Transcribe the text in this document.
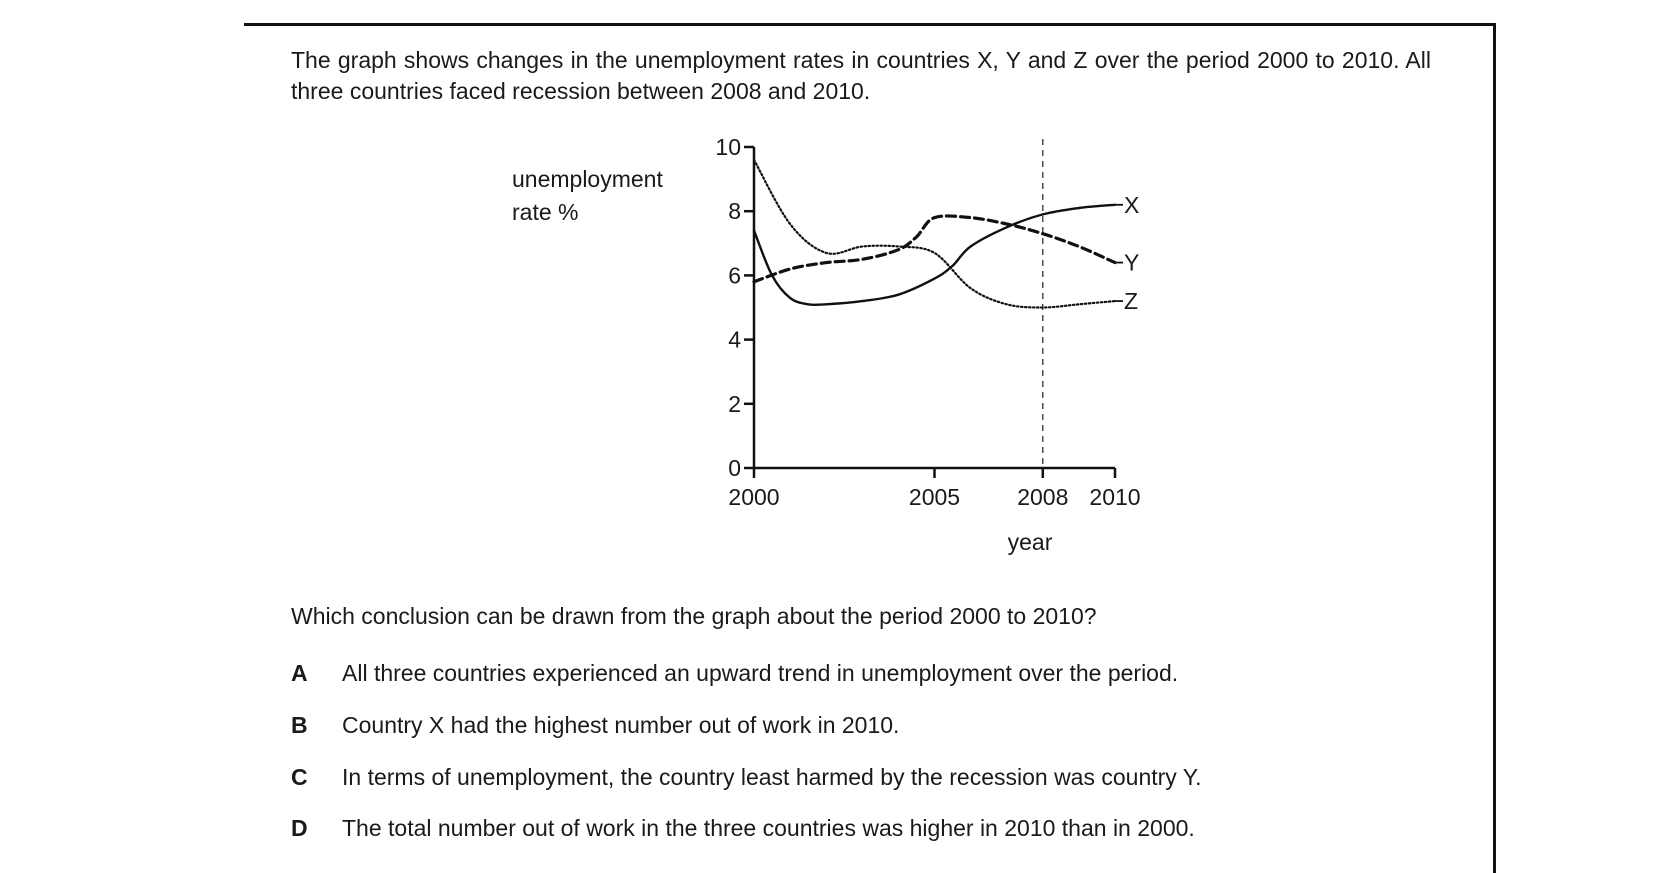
The graph shows changes in the unemployment rates in countries X, Y and Z over the period 2000 to 2010. All three countries faced recession between 2008 and 2010.

unemployment
rate %
year
0
2
4
6
8
10
2000	2005 2008 2010
X
Y
Z

Which conclusion can be drawn from the graph about the period 2000 to 2010?

A	All three countries experienced an upward trend in unemployment over the period.
B	Country X had the highest number out of work in 2010.
C	In terms of unemployment, the country least harmed by the recession was country Y.
D	The total number out of work in the three countries was higher in 2010 than in 2000.
